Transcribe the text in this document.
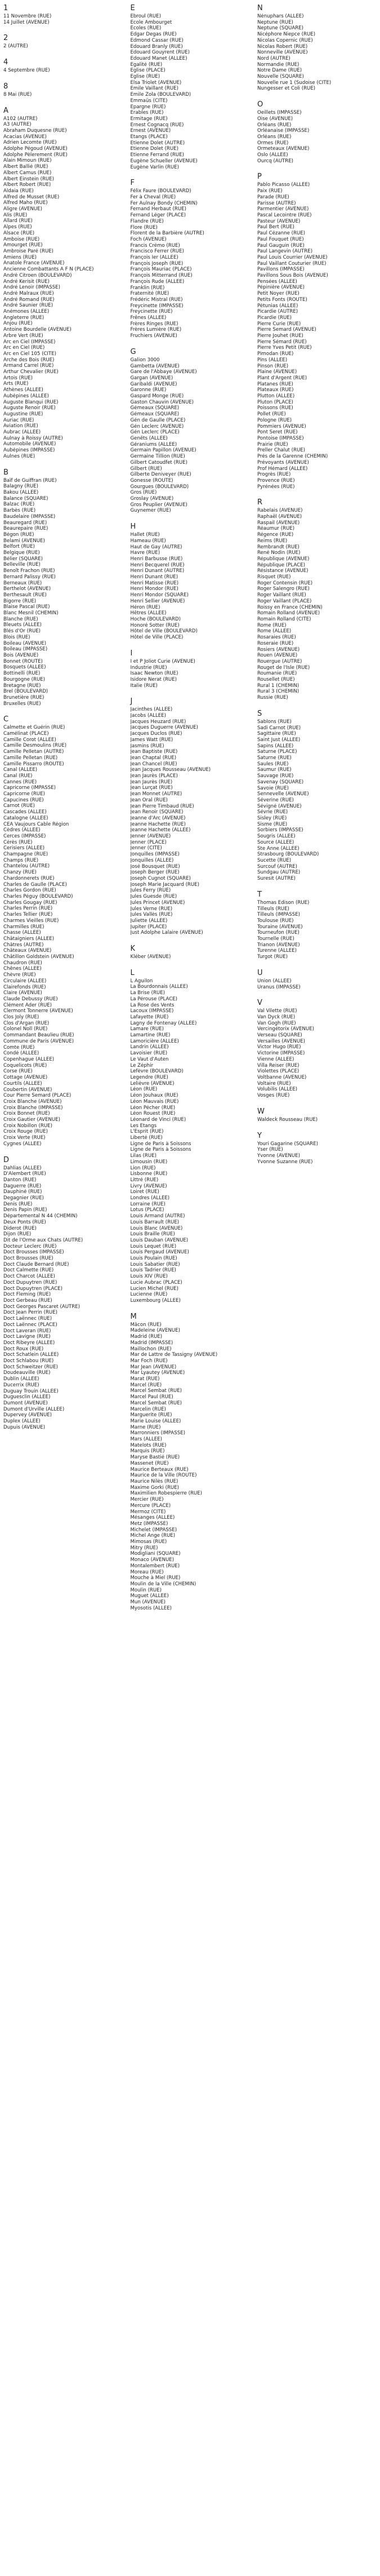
1
11 Novembre (RUE)
14 Juillet (AVENUE)
2
2 (AUTRE)
4
4 Septembre (RUE)
8
8 Mai (RUE)
A
A102 (AUTRE)
A3 (AUTRE)
Abraham Duquesne (RUE)
Acacias (AVENUE)
Adrien Lecomte (RUE)
Adolphe Pégoud (AVENUE)
Adolphe Pèlerement (RUE)
Alain Mimoun (RUE)
Albert Ballié (RUE)
Albert Camus (RUE)
Albert Einstein (RUE)
Albert Robert (RUE)
Aldaia (RUE)
Alfred de Musset (RUE)
Alfred Maho (RUE)
Aligre (AVENUE)
Alis (RUE)
Allard (RUE)
Alpes (RUE)
Alsace (RUE)
Amboise (RUE)
Amourget (RUE)
Ambroise Paré (RUE)
Amiens (RUE)
Anatole France (AVENUE)
Ancienne Combattants A F N (PLACE)
André Citroen (BOULEVARD)
André Kerisit (RUE)
André Lenoir (IMPASSE)
André Malraux (RUE)
André Romand (RUE)
André Saunier (RUE)
Anémones (ALLEE)
Angleterre (RUE)
Anjou (RUE)
Antoine Bourdelle (AVENUE)
Arbre Vert (RUE)
Arc en Ciel (IMPASSE)
Arc en Ciel (RUE)
Arc en Ciel 105 (CITE)
Arche des Bois (RUE)
Armand Carrel (RUE)
Arthur Chevalier (RUE)
Artois (RUE)
Arts (RUE)
Athènes (ALLEE)
Aubépines (ALLEE)
Auguste Blanqui (RUE)
Auguste Renoir (RUE)
Augustine (RUE)
Auriac (RUE)
Aviation (RUE)
Aubrac (ALLEE)
Aulnay à Roissy (AUTRE)
Automobile (AVENUE)
Aubépines (IMPASSE)
Aulnes (RUE)
B
Baïf de Guiffran (RUE)
Balagny (RUE)
Bakou (ALLEE)
Balance (SQUARE)
Balzac (RUE)
Barbès (RUE)
Baudelaire (IMPASSE)
Beauregard (RUE)
Beaurepaire (RUE)
Bégon (RUE)
Belami (AVENUE)
Belfort (RUE)
Belgique (RUE)
Bélier (SQUARE)
Belleville (RUE)
Benoît Frachon (RUE)
Bernard Palissy (RUE)
Berneaux (RUE)
Berthelot (AVENUE)
Berthesault (RUE)
Bigorre (RUE)
Blaise Pascal (RUE)
Blanc Mesnil (CHEMIN)
Blanche (RUE)
Bleuets (ALLEE)
Blés d'Or (RUE)
Blois (RUE)
Boileau (AVENUE)
Boileau (IMPASSE)
Bois (AVENUE)
Bonnet (ROUTE)
Bosquets (ALLEE)
Bottinelli (RUE)
Bourgogne (RUE)
Bretagne (RUE)
Brel (BOULEVARD)
Brunetière (RUE)
Bruxelles (RUE)
C
Calmette et Guérin (RUE)
Camélinat (PLACE)
Camille Corot (ALLEE)
Camille Desmoulins (RUE)
Camille Pelletan (AUTRE)
Camille Pelletan (RUE)
Camille Pissarro (ROUTE)
Canal (ALLEE)
Canal (RUE)
Cannes (RUE)
Capricorne (IMPASSE)
Capricorne (RUE)
Capucines (RUE)
Carnot (RUE)
Cascades (ALLEE)
Catalogne (ALLEE)
CEA Vaujours Cable Région
Cèdres (ALLEE)
Cerces (IMPASSE)
Cérès (RUE)
Cerisiers (ALLEE)
Champagne (RUE)
Champs (RUE)
Chantelou (AUTRE)
Chanzy (RUE)
Chardonnerets (RUE)
Charles de Gaulle (PLACE)
Charles Gordon (RUE)
Charles Péguy (BOULEVARD)
Charles Gougay (RUE)
Charles Perrin (RUE)
Charles Tellier (RUE)
Charmes Vieilles (RUE)
Charmilles (RUE)
Chasse (ALLEE)
Châtaigniers (ALLEE)
Châtres (AUTRE)
Châteaux (AVENUE)
Châtillon Goldstein (AVENUE)
Chaudron (RUE)
Chênes (ALLEE)
Chèvre (RUE)
Circulaire (ALLEE)
Clairefonds (RUE)
Claire (AVENUE)
Claude Debussy (RUE)
Clément Ader (RUE)
Clermont Tonnerre (AVENUE)
Clos Joly (RUE)
Clos d'Argan (RUE)
Colonel Noll (RUE)
Commandant Beaulieu (RUE)
Commune de Paris (AVENUE)
Comte (RUE)
Condé (ALLEE)
Copenhague (ALLEE)
Coquelicots (RUE)
Corse (RUE)
Cottage (AVENUE)
Courtils (ALLEE)
Coubertin (AVENUE)
Cour Pierre Semard (PLACE)
Croix Blanche (AVENUE)
Croix Blanche (IMPASSE)
Croix Bonnet (RUE)
Croix Gautier (AVENUE)
Croix Nobillon (RUE)
Croix Rouge (RUE)
Croix Verte (RUE)
Cygnes (ALLEE)
D
Dahlias (ALLEE)
D'Alembert (RUE)
Danton (RUE)
Daguerre (RUE)
Dauphiné (RUE)
Degagnier (RUE)
Denis (RUE)
Denis Papin (RUE)
Départemental N 44 (CHEMIN)
Deux Ponts (RUE)
Diderot (RUE)
Dijon (RUE)
Dit de l'Orme aux Chats (AUTRE)
Docteur Leclerc (RUE)
Doct Brousses (IMPASSE)
Doct Brousses (RUE)
Doct Claude Bernard (RUE)
Doct Calmette (RUE)
Doct Charcot (ALLEE)
Doct Dupuytren (RUE)
Doct Dupuytren (PLACE)
Doct Fleming (RUE)
Doct Gerbeau (RUE)
Doct Georges Pascaret (AUTRE)
Doct Jean Perrin (RUE)
Doct Laënnec (RUE)
Doct Laënnec (PLACE)
Doct Laveran (RUE)
Doct Lavigne (RUE)
Doct Ribeyre (ALLEE)
Doct Roux (RUE)
Doct Schatlein (ALLEE)
Doct Schlabou (RUE)
Doct Schweitzer (RUE)
Doudeauville (RUE)
Dublin (ALLEE)
Ducerrix (RUE)
Duguay Trouin (ALLEE)
Duguesclin (ALLEE)
Dumont (AVENUE)
Dumont d'Urville (ALLEE)
Dupervey (AVENUE)
Duplex (ALLEE)
Dupuis (AVENUE)
E
Ebroul (RUE)
Ecole Ambourget
Ecoles (RUE)
Edgar Degas (RUE)
Edmond Cassar (RUE)
Edouard Branly (RUE)
Edouard Gouyrent (RUE)
Edouard Manet (ALLEE)
Egalité (RUE)
Eglise (PLACE)
Eglise (RUE)
Elsa Triolet (AVENUE)
Emile Vaillant (RUE)
Emile Zola (BOULEVARD)
Emmaüs (CITE)
Epargne (RUE)
Erables (RUE)
Ermitage (RUE)
Ernest Cognacq (RUE)
Ernest (AVENUE)
Etangs (PLACE)
Etienne Dolet (AUTRE)
Etienne Dolet (RUE)
Etienne Ferrand (RUE)
Eugène Schueller (AVENUE)
Eugène Varlin (RUE)
F
Félix Faure (BOULEVARD)
Fer à Cheval (RUE)
Fer Aulnay Bondy (CHEMIN)
Fernand Herbaut (RUE)
Fernand Léger (PLACE)
Flandre (RUE)
Flore (RUE)
Florent de la Barbière (AUTRE)
Foch (AVENUE)
Francis Crémo (RUE)
Francisco Ferrer (RUE)
François Ier (ALLEE)
François Joseph (RUE)
François Mauriac (PLACE)
François Mitterrand (RUE)
François Rude (ALLEE)
Franklin (RUE)
Fraternité (RUE)
Frédéric Mistral (RUE)
Freycinette (IMPASSE)
Freycinette (RUE)
Frênes (ALLEE)
Frères Ringes (RUE)
Frères Lumière (RUE)
Fruchiers (AVENUE)
G
Galion 3000
Gambetta (AVENUE)
Gare de l'Abbaye (AVENUE)
Gargan (AVENUE)
Garibaldi (AVENUE)
Garonne (RUE)
Gaspard Monge (RUE)
Gaston Chauvin (AVENUE)
Gémeaux (SQUARE)
Gémeaux (SQUARE)
Gén de Gaulle (PLACE)
Gén Leclerc (AVENUE)
Gén Leclerc (PLACE)
Genêts (ALLEE)
Géraniums (ALLEE)
Germain Papillon (AVENUE)
Germaine Tillion (RUE)
Gilbert Catoudfet (RUE)
Gilbert (RUE)
Gilberte Deniveyer (RUE)
Gonesse (ROUTE)
Gourgues (BOULEVARD)
Gros (RUE)
Groslay (AVENUE)
Gros Peuplier (AVENUE)
Guynemer (RUE)
H
Hallet (RUE)
Hameau (RUE)
Haut de Gay (AUTRE)
Havre (RUE)
Henri Barbusse (RUE)
Henri Becquerel (RUE)
Henri Dunant (AUTRE)
Henri Dunant (RUE)
Henri Matisse (RUE)
Henri Mondor (RUE)
Henri Mondor (SQUARE)
Henri Sellier (AVENUE)
Héron (RUE)
Hêtres (ALLEE)
Hoche (BOULEVARD)
Honoré Sotter (RUE)
Hôtel de Ville (BOULEVARD)
Hôtel de Ville (PLACE)
I
I et P Joliot Curie (AVENUE)
Industrie (RUE)
Isaac Newton (RUE)
Isidore Nerat (RUE)
Italie (RUE)
J
Jacinthes (ALLEE)
Jacobs (ALLEE)
Jacques Heuzard (RUE)
Jacques Duguerre (AVENUE)
Jacques Duclos (RUE)
James Watt (RUE)
Jasmins (RUE)
Jean Baptiste (RUE)
Jean Chaptal (RUE)
Jean Chancel (RUE)
Jean Jacques Rousseau (AVENUE)
Jean Jaurès (PLACE)
Jean Jaurès (RUE)
Jean Lurçat (RUE)
Jean Monnet (AUTRE)
Jean Oral (RUE)
Jean Pierre Timbaud (RUE)
Jean Renoir (SQUARE)
Jeanne d'Arc (AVENUE)
Jeanne Hachette (RUE)
Jeanne Hachette (ALLEE)
Jenner (AVENUE)
Jenner (PLACE)
Jenner (CITE)
Jonquilles (IMPASSE)
Jonquilles (ALLEE)
José Bousquet (RUE)
Joseph Berger (RUE)
Joseph Cugnot (SQUARE)
Joseph Marie Jacquard (RUE)
Jules Ferry (RUE)
Jules Guesde (RUE)
Jules Princet (AVENUE)
Jules Verne (RUE)
Jules Vallès (RUE)
Juliette (ALLEE)
Jupiter (PLACE)
Just Adolphe Lalaire (AVENUE)
K
Kléber (AVENUE)
L
L Aguilon
La Bourdonnais (ALLEE)
La Brise (RUE)
La Pérouse (PLACE)
La Rose des Vents
Lacoux (IMPASSE)
Lafayette (RUE)
Lagny de Fontenay (ALLEE)
Lamare (RUE)
Lamartine (RUE)
Lamoricière (ALLEE)
Landrin (ALLEE)
Lavoisier (RUE)
Le Vaut d'Auten
Le Zéphir
Lefèvre (BOULEVARD)
Legendre (RUE)
Lelièvre (AVENUE)
Léon (RUE)
Léon Jouhaux (RUE)
Léon Mauvais (RUE)
Léon Pécher (RUE)
Léon Rouest (RUE)
Léonard de Vinci (RUE)
Les Etangs
L'Esprit (RUE)
Liberté (RUE)
Ligne de Paris à Soissons
Ligne de Paris à Soissons
Lilas (RUE)
Limousin (RUE)
Lion (RUE)
Lisbonne (RUE)
Littré (RUE)
Livry (AVENUE)
Loiret (RUE)
Londres (ALLEE)
Lorraine (RUE)
Lotus (PLACE)
Louis Armand (AUTRE)
Louis Barrault (RUE)
Louis Blanc (AVENUE)
Louis Braille (RUE)
Louis Dauban (AVENUE)
Louis Lequet (RUE)
Louis Pergaud (AVENUE)
Louis Poulain (RUE)
Louis Sabatier (RUE)
Louis Tadrier (RUE)
Louis XIV (RUE)
Lucie Aubrac (PLACE)
Lucien Michel (RUE)
Lucienne (RUE)
Luxembourg (ALLEE)
M
Mâcon (RUE)
Madeleine (AVENUE)
Madrid (RUE)
Madrid (IMPASSE)
Maillochon (RUE)
Mar de Lattre de Tassigny (AVENUE)
Mar Foch (RUE)
Mar Jean (AVENUE)
Mar Lyautey (AVENUE)
Marat (RUE)
Marcel (RUE)
Marcel Sembat (RUE)
Marcel Paul (RUE)
Marcel Sembat (RUE)
Marcelin (RUE)
Marguerite (RUE)
Marie Louise (ALLEE)
Marne (RUE)
Marronniers (IMPASSE)
Mars (ALLEE)
Matelots (RUE)
Marquis (RUE)
Maryse Bastié (RUE)
Massenet (RUE)
Maurice Berteaux (RUE)
Maurice de la Ville (ROUTE)
Maurice Nilès (RUE)
Maxime Gorki (RUE)
Maximilien Robespierre (RUE)
Mercier (RUE)
Mercure (PLACE)
Mermoz (CITE)
Mésanges (ALLEE)
Metz (IMPASSE)
Michelet (IMPASSE)
Michel Ange (RUE)
Mimosas (RUE)
Mitry (RUE)
Modigliani (SQUARE)
Monaco (AVENUE)
Montalembert (RUE)
Moreau (RUE)
Mouche à Miel (RUE)
Moulin de la Ville (CHEMIN)
Moulin (RUE)
Muguet (ALLEE)
Mun (AVENUE)
Myosotis (ALLEE)
N
Nénuphars (ALLEE)
Neptune (RUE)
Neptune (SQUARE)
Nicéphore Niepce (RUE)
Nicolas Copernic (RUE)
Nicolas Robert (RUE)
Nonneville (AVENUE)
Nord (AUTRE)
Normandie (RUE)
Notre Dame (RUE)
Nouvelle (SQUARE)
Nouvelle rue 1 (Sudoise (CITE)
Nungesser et Coli (RUE)
O
Oeillets (IMPASSE)
Oise (AVENUE)
Orléans (RUE)
Orléanaise (IMPASSE)
Orléans (RUE)
Ormes (RUE)
Ormeteaux (AVENUE)
Oslo (ALLEE)
Ourcq (AUTRE)
P
Pablo Picasso (ALLEE)
Paix (RUE)
Parade (RUE)
Parisse (AUTRE)
Parmentier (AVENUE)
Pascal Lecointre (RUE)
Pasteur (AVENUE)
Paul Bert (RUE)
Paul Cézanne (RUE)
Paul Fouquet (RUE)
Paul Gauguin (RUE)
Paul Langevin (AUTRE)
Paul Louis Courrier (AVENUE)
Paul Vaillant Couturier (RUE)
Pavillons (IMPASSE)
Pavillons Sous Bois (AVENUE)
Pensées (ALLEE)
Pépinière (AVENUE)
Petit Noyer (RUE)
Petits Fonts (ROUTE)
Pétunias (ALLEE)
Picardie (AUTRE)
Picardie (RUE)
Pierre Curie (RUE)
Pierre Semard (AVENUE)
Pierre Jouhet (RUE)
Pierre Sémard (RUE)
Pierre Yves Petit (RUE)
Pimodan (RUE)
Pins (ALLEE)
Pinson (RUE)
Plaine (AVENUE)
Plant d'Argent (RUE)
Platanes (RUE)
Plateaux (RUE)
Plutton (ALLEE)
Pluton (PLACE)
Poissons (RUE)
Pollet (RUE)
Pologne (RUE)
Pommiers (AVENUE)
Pont Seret (RUE)
Pontoise (IMPASSE)
Prairie (RUE)
Preller Chalut (RUE)
Prés de la Garenne (CHEMIN)
Prévoyants (AVENUE)
Prof Hémard (ALLEE)
Progrès (RUE)
Provence (RUE)
Pyrénées (RUE)
R
Rabelais (AVENUE)
Raphaël (AVENUE)
Raspail (AVENUE)
Réaumur (RUE)
Régence (RUE)
Reims (RUE)
Rembrandt (RUE)
René Nodin (RUE)
République (AVENUE)
République (PLACE)
Résistance (AVENUE)
Risquet (RUE)
Roger Contensin (RUE)
Roger Salengro (RUE)
Roger Vaillant (RUE)
Roger Vaillant (PLACE)
Roissy en France (CHEMIN)
Romain Rolland (AVENUE)
Romain Rolland (CITE)
Rome (RUE)
Rome (ALLEE)
Rosaraies (RUE)
Roseraie (RUE)
Rosiers (AVENUE)
Rouen (AVENUE)
Rouergue (AUTRE)
Rouget de l'Isle (RUE)
Roumanie (RUE)
Rousellet (RUE)
Rural 1 (CHEMIN)
Rural 3 (CHEMIN)
Russie (RUE)
S
Sablons (RUE)
Sadi Carnot (RUE)
Sagittaire (RUE)
Saint Just (ALLEE)
Sapins (ALLEE)
Saturne (PLACE)
Saturne (RUE)
Saules (RUE)
Saumur (RUE)
Sauvage (RUE)
Savenay (SQUARE)
Savoie (RUE)
Sennevelle (AVENUE)
Séverine (RUE)
Sévigné (AVENUE)
Sévrie (RUE)
Sisley (RUE)
Sisme (RUE)
Sorbiers (IMPASSE)
Sougris (ALLEE)
Source (ALLEE)
Ste Anne (ALLEE)
Strasbourg (BOULEVARD)
Sucette (RUE)
Surcouf (AUTRE)
Sundgau (AUTRE)
Suresit (AUTRE)
T
Thomas Edison (RUE)
Tilleuls (RUE)
Tilleuls (IMPASSE)
Toulouse (RUE)
Touraine (AVENUE)
Tourneufon (RUE)
Tournelle (RUE)
Trianon (AVENUE)
Turenne (ALLEE)
Turgot (RUE)
U
Union (ALLEE)
Uranus (IMPASSE)
V
Val Vilette (RUE)
Van Dyck (RUE)
Van Gogh (RUE)
Vercingétorix (AVENUE)
Verseau (SQUARE)
Versailles (AVENUE)
Victor Hugo (RUE)
Victorine (IMPASSE)
Vienne (ALLEE)
Villa Reiser (RUE)
Violettes (PLACE)
Voltbanne (AVENUE)
Voltaire (RUE)
Volubilis (ALLEE)
Vosges (RUE)
W
Waldeck Rousseau (RUE)
Y
Youri Gagarine (SQUARE)
Yser (RUE)
Yvonne (AVENUE)
Yvonne Suzanne (RUE)
